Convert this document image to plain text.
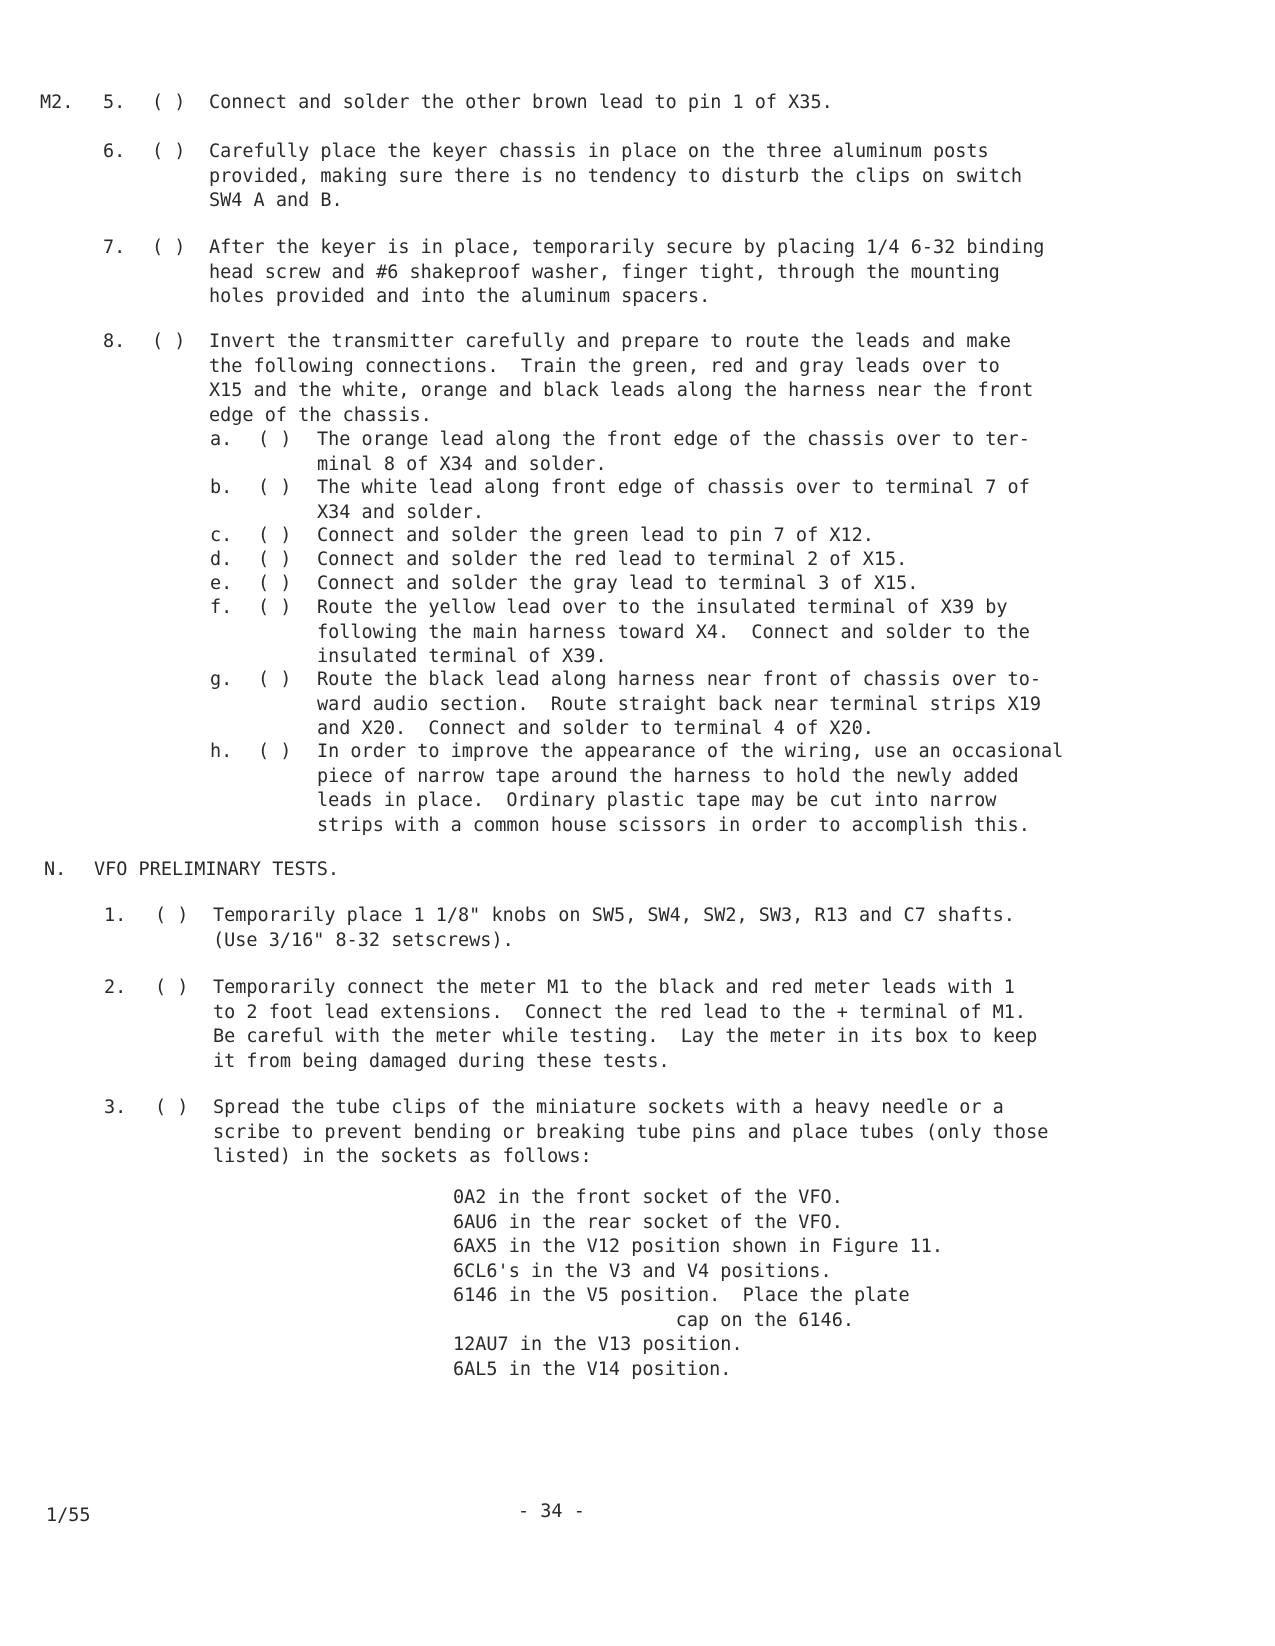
M2. 5. ( ) Connect and solder the other brown lead to pin 1 of X35.
6. ( ) Carefully place the keyer chassis in place on the three aluminum posts
provided, making sure there is no tendency to disturb the clips on switch
SW4 A and B.
7. ( ) After the keyer is in place, temporarily secure by placing 1/4 6-32 binding
head screw and #6 shakeproof washer, finger tight, through the mounting
holes provided and into the aluminum spacers.
8. ( ) Invert the transmitter carefully and prepare to route the leads and make
the following connections.  Train the green, red and gray leads over to
X15 and the white, orange and black leads along the harness near the front
edge of the chassis.
a. ( ) The orange lead along the front edge of the chassis over to ter-
minal 8 of X34 and solder.
b. ( ) The white lead along front edge of chassis over to terminal 7 of
X34 and solder.
c. ( ) Connect and solder the green lead to pin 7 of X12.
d. ( ) Connect and solder the red lead to terminal 2 of X15.
e. ( ) Connect and solder the gray lead to terminal 3 of X15.
f. ( ) Route the yellow lead over to the insulated terminal of X39 by
following the main harness toward X4.  Connect and solder to the
insulated terminal of X39.
g. ( ) Route the black lead along harness near front of chassis over to-
ward audio section.  Route straight back near terminal strips X19
and X20.  Connect and solder to terminal 4 of X20.
h. ( ) In order to improve the appearance of the wiring, use an occasional
piece of narrow tape around the harness to hold the newly added
leads in place.  Ordinary plastic tape may be cut into narrow
strips with a common house scissors in order to accomplish this.
N. VFO PRELIMINARY TESTS.
1. ( ) Temporarily place 1 1/8" knobs on SW5, SW4, SW2, SW3, R13 and C7 shafts.
(Use 3/16" 8-32 setscrews).
2. ( ) Temporarily connect the meter M1 to the black and red meter leads with 1
to 2 foot lead extensions.  Connect the red lead to the + terminal of M1.
Be careful with the meter while testing.  Lay the meter in its box to keep
it from being damaged during these tests.
3. ( ) Spread the tube clips of the miniature sockets with a heavy needle or a
scribe to prevent bending or breaking tube pins and place tubes (only those
listed) in the sockets as follows:
0A2 in the front socket of the VFO.
6AU6 in the rear socket of the VFO.
6AX5 in the V12 position shown in Figure 11.
6CL6's in the V3 and V4 positions.
6146 in the V5 position.  Place the plate
cap on the 6146.
12AU7 in the V13 position.
6AL5 in the V14 position.
1/55	- 34 -
